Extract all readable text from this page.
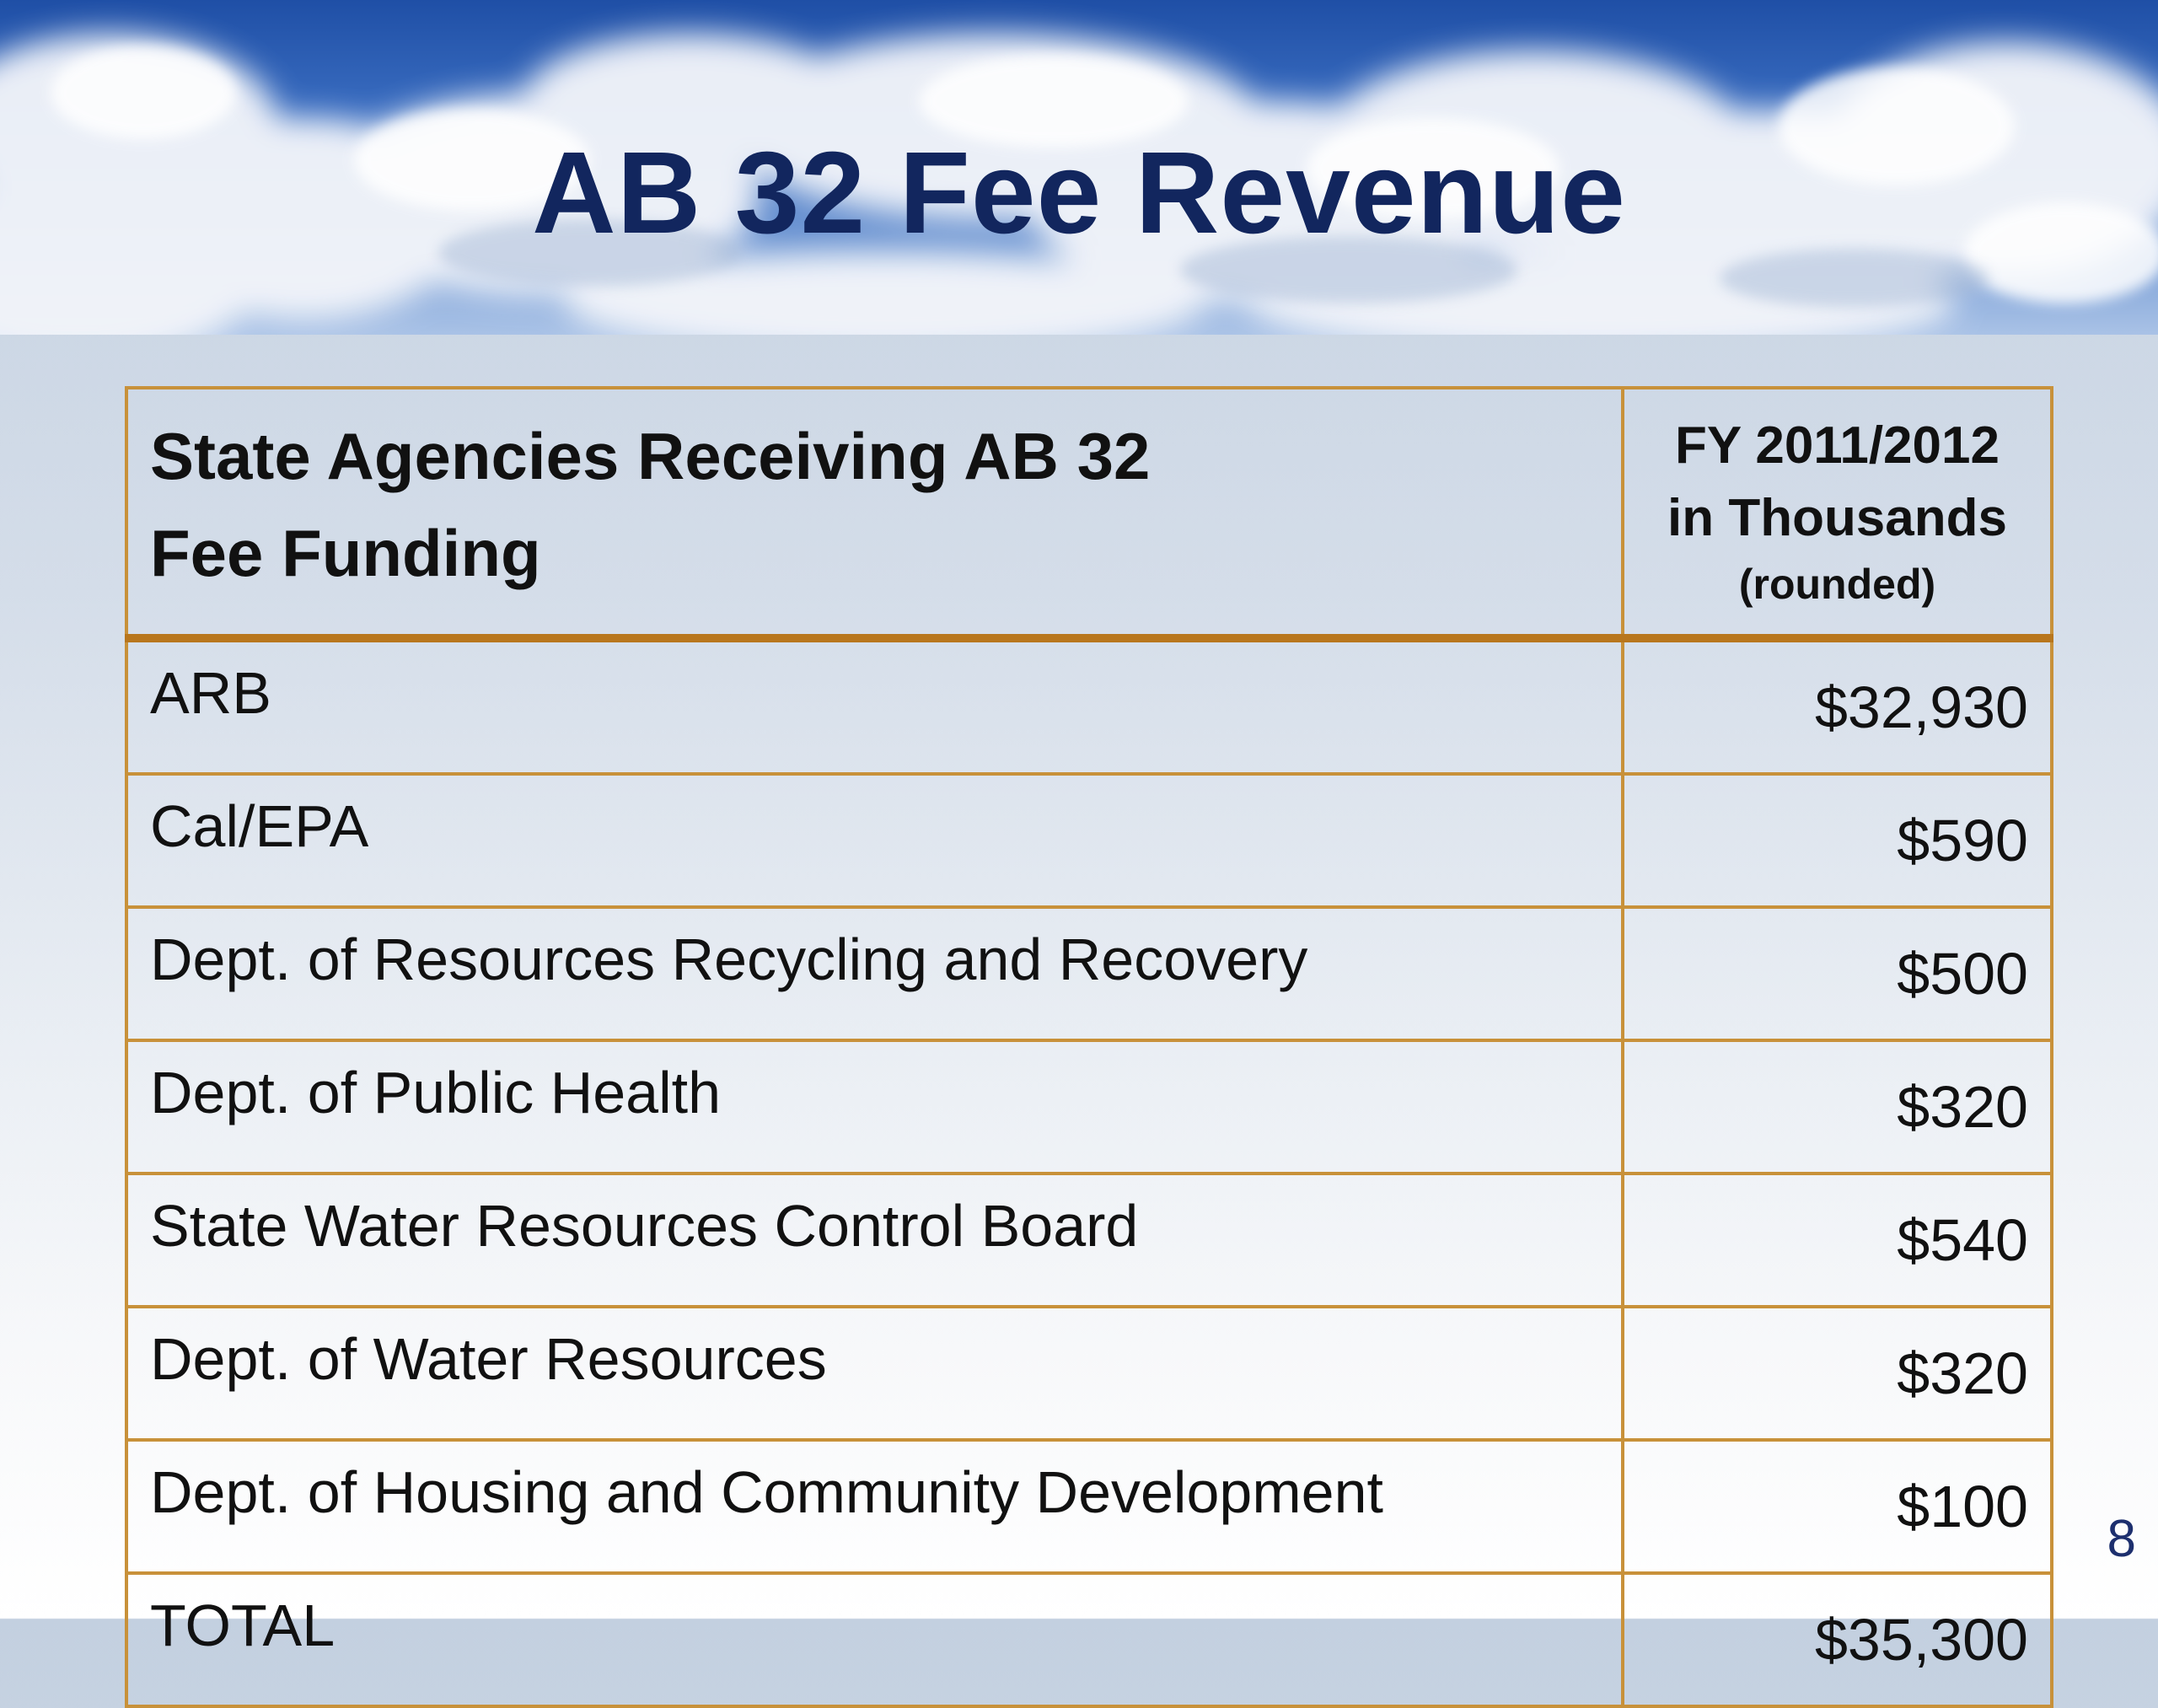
AB 32 Fee Revenue
State Agencies Receiving AB 32
Fee Funding	FY 2011/2012
in Thousands
(rounded)

ARB	$32,930
Cal/EPA	$590
Dept. of Resources Recycling and Recovery	$500
Dept. of Public Health	$320
State Water Resources Control Board	$540
Dept. of Water Resources	$320
Dept. of Housing and Community Development	$100
TOTAL	$35,300
8
